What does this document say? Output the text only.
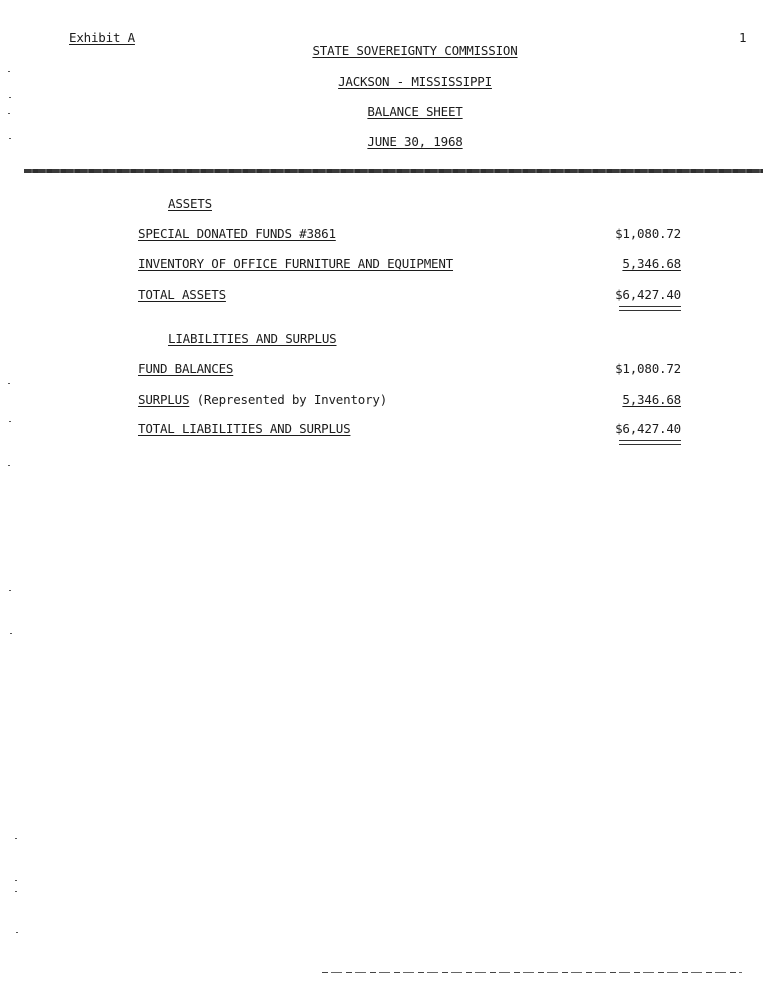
Exhibit A	1
STATE SOVEREIGNTY COMMISSION
JACKSON - MISSISSIPPI
BALANCE SHEET
JUNE 30, 1968
ASSETS
SPECIAL DONATED FUNDS #3861	$1,080.72
INVENTORY OF OFFICE FURNITURE AND EQUIPMENT	5,346.68
TOTAL ASSETS	$6,427.40
LIABILITIES AND SURPLUS
FUND BALANCES	$1,080.72
SURPLUS (Represented by Inventory)	5,346.68
TOTAL LIABILITIES AND SURPLUS	$6,427.40
